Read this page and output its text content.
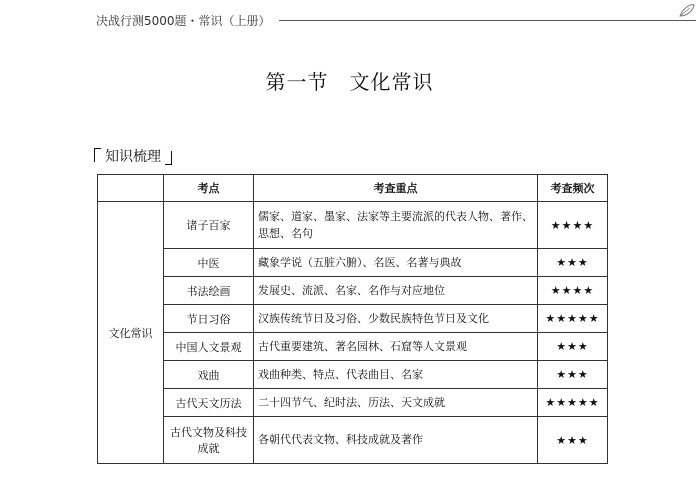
决战行测5000题・常识（上册）
第一节　文化常识
知识梳理
	考点	考查重点	考查频次
文化常识	诸子百家	儒家、道家、墨家、法家等主要流派的代表人物、著作、思想、名句	★★★★
	中医	藏象学说（五脏六腑）、名医、名著与典故	★★★
	书法绘画	发展史、流派、名家、名作与对应地位	★★★★
	节日习俗	汉族传统节日及习俗、少数民族特色节日及文化	★★★★★
	中国人文景观	古代重要建筑、著名园林、石窟等人文景观	★★★
	戏曲	戏曲种类、特点、代表曲目、名家	★★★
	古代天文历法	二十四节气、纪时法、历法、天文成就	★★★★★
	古代文物及科技成就	各朝代代表文物、科技成就及著作	★★★
